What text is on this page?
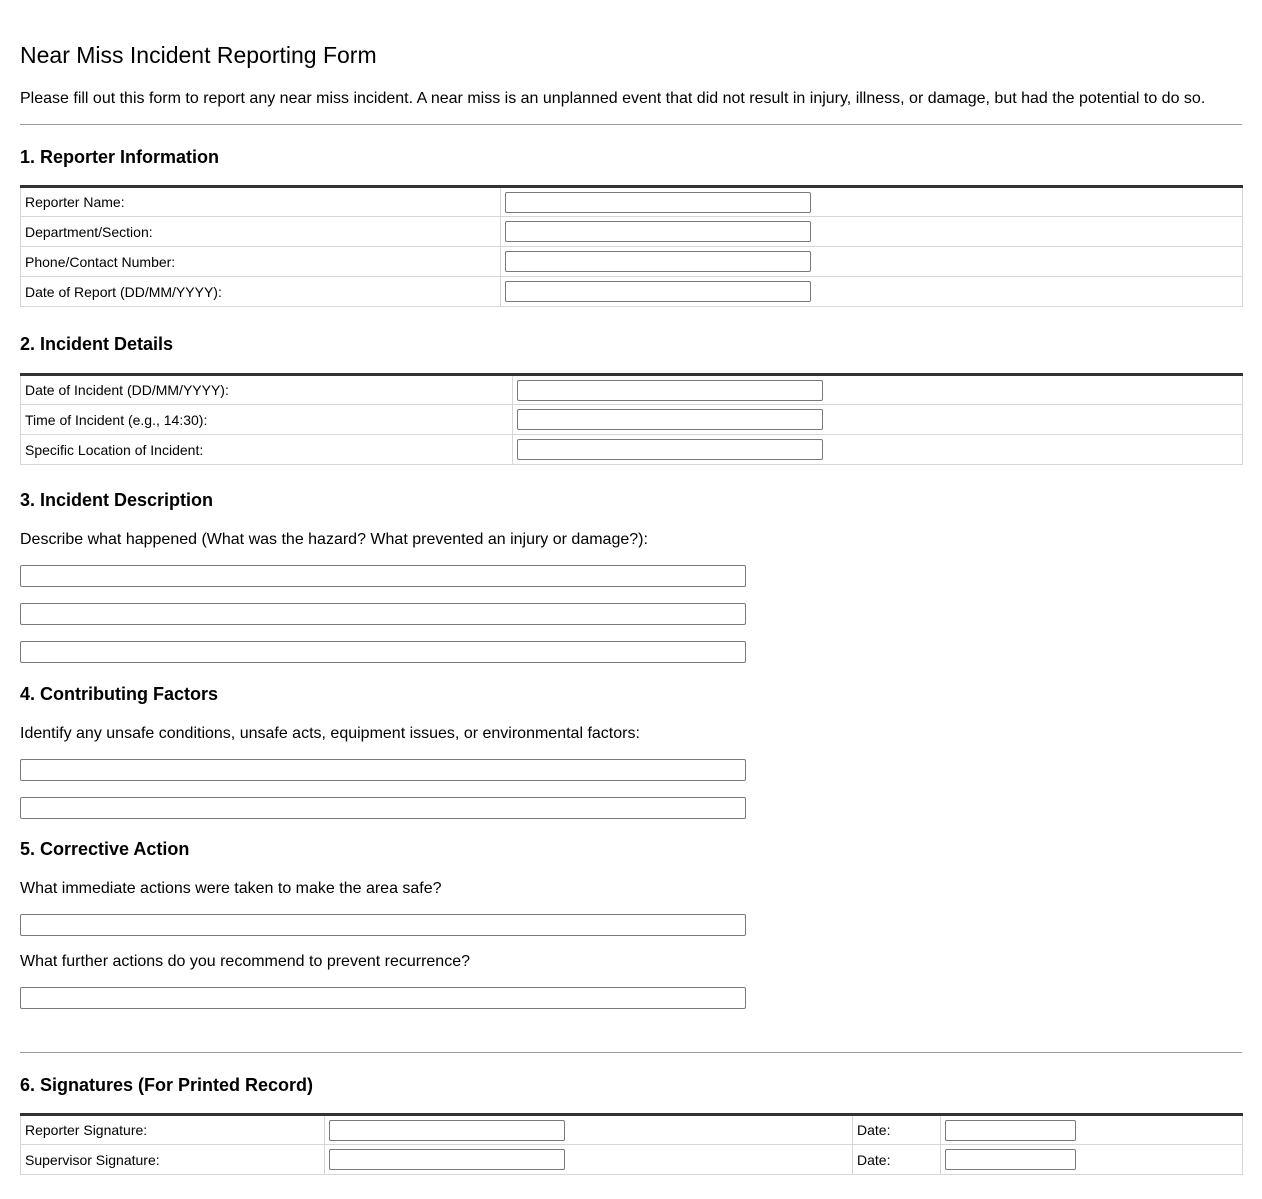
Near Miss Incident Reporting Form
Please fill out this form to report any near miss incident. A near miss is an unplanned event that did not result in injury, illness, or damage, but had the potential to do so.
1. Reporter Information
Reporter Name:	

Department/Section:	

Phone/Contact Number:	

Date of Report (DD/MM/YYYY):	
2. Incident Details
Date of Incident (DD/MM/YYYY):	

Time of Incident (e.g., 14:30):	

Specific Location of Incident:	
3. Incident Description
Describe what happened (What was the hazard? What prevented an injury or damage?):
4. Contributing Factors
Identify any unsafe conditions, unsafe acts, equipment issues, or environmental factors:
5. Corrective Action
What immediate actions were taken to make the area safe?
What further actions do you recommend to prevent recurrence?
6. Signatures (For Printed Record)
Reporter Signature:		Date:	

Supervisor Signature:		Date:	
